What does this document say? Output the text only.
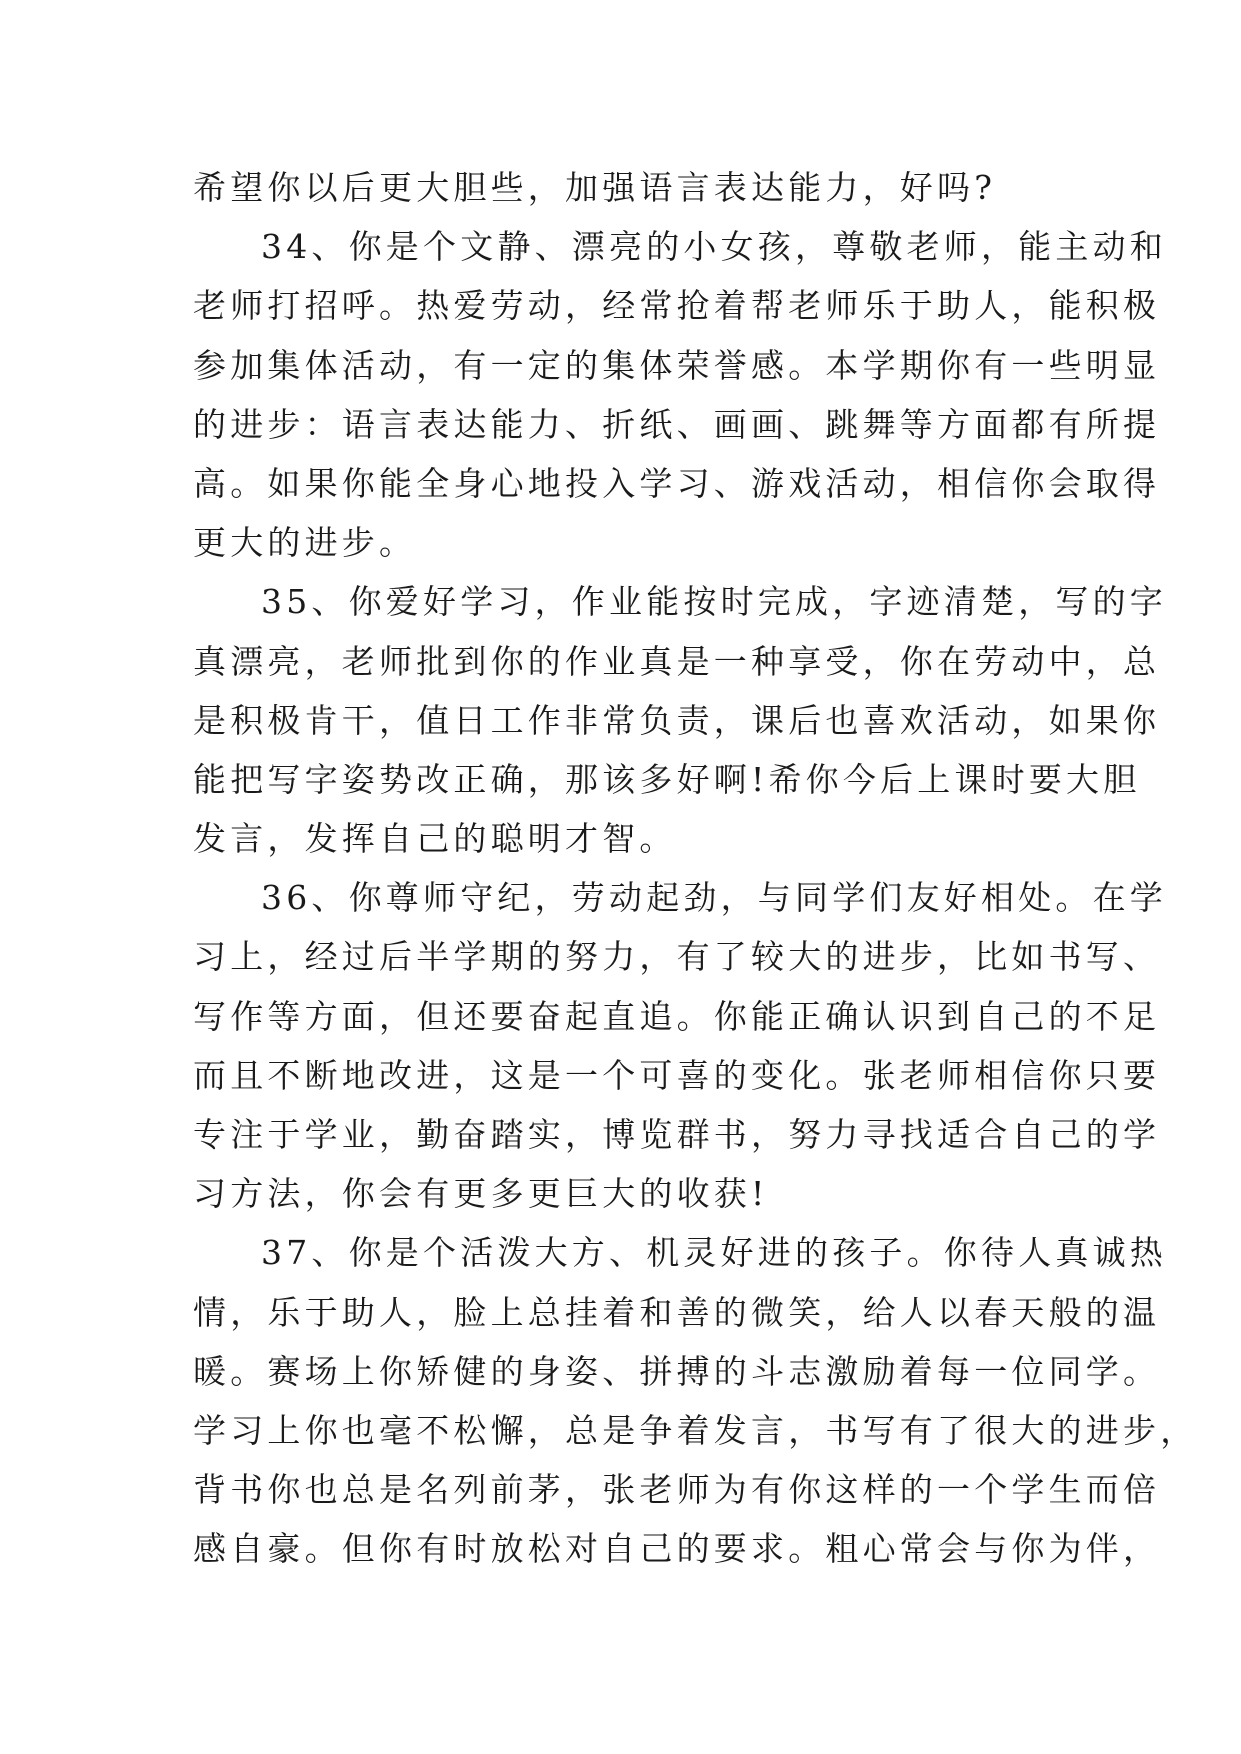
希望你以后更大胆些，加强语言表达能力，好吗?
34、你是个文静、漂亮的小女孩，尊敬老师，能主动和
老师打招呼。热爱劳动，经常抢着帮老师乐于助人，能积极
参加集体活动，有一定的集体荣誉感。本学期你有一些明显
的进步：语言表达能力、折纸、画画、跳舞等方面都有所提
高。如果你能全身心地投入学习、游戏活动，相信你会取得
更大的进步。
35、你爱好学习，作业能按时完成，字迹清楚，写的字
真漂亮，老师批到你的作业真是一种享受，你在劳动中，总
是积极肯干，值日工作非常负责，课后也喜欢活动，如果你
能把写字姿势改正确，那该多好啊!希你今后上课时要大胆
发言，发挥自己的聪明才智。
36、你尊师守纪，劳动起劲，与同学们友好相处。在学
习上，经过后半学期的努力，有了较大的进步，比如书写、
写作等方面，但还要奋起直追。你能正确认识到自己的不足
而且不断地改进，这是一个可喜的变化。张老师相信你只要
专注于学业，勤奋踏实，博览群书，努力寻找适合自己的学
习方法，你会有更多更巨大的收获!
37、你是个活泼大方、机灵好进的孩子。你待人真诚热
情，乐于助人，脸上总挂着和善的微笑，给人以春天般的温
暖。赛场上你矫健的身姿、拼搏的斗志激励着每一位同学。
学习上你也毫不松懈，总是争着发言，书写有了很大的进步，
背书你也总是名列前茅，张老师为有你这样的一个学生而倍
感自豪。但你有时放松对自己的要求。粗心常会与你为伴，
